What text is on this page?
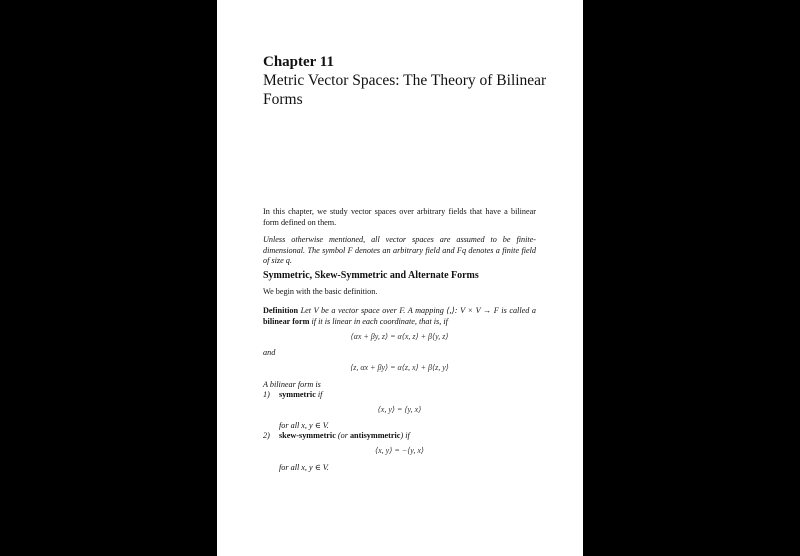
Chapter 11
Metric Vector Spaces: The Theory of Bilinear Forms

In this chapter, we study vector spaces over arbitrary fields that have a bilinear form defined on them.

Unless otherwise mentioned, all vector spaces are assumed to be finite-dimensional. The symbol F denotes an arbitrary field and Fq denotes a finite field of size q.

Symmetric, Skew-Symmetric and Alternate Forms

We begin with the basic definition.

Definition Let V be a vector space over F. A mapping ⟨,⟩: V × V → F is called a bilinear form if it is linear in each coordinate, that is, if

⟨αx + βy, z⟩ = α⟨x, z⟩ + β⟨y, z⟩
and
⟨z, αx + βy⟩ = α⟨z, x⟩ + β⟨z, y⟩
A bilinear form is
1) symmetric if
⟨x, y⟩ = ⟨y, x⟩
for all x, y ∈ V.
2) skew-symmetric (or antisymmetric) if
⟨x, y⟩ = −⟨y, x⟩
for all x, y ∈ V.
